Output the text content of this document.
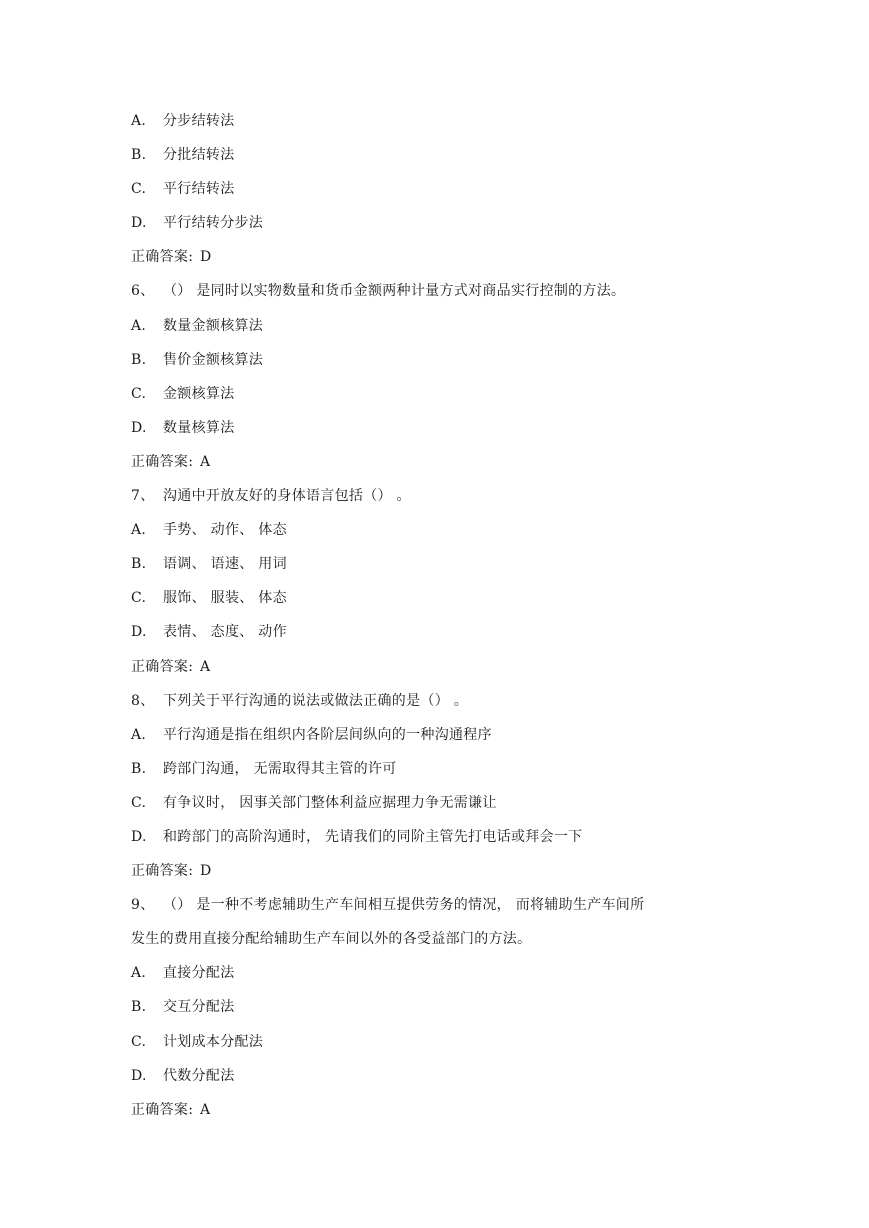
A. 分步结转法
B. 分批结转法
C. 平行结转法
D. 平行结转分步法
正确答案: D
6、 （） 是同时以实物数量和货币金额两种计量方式对商品实行控制的方法。
A. 数量金额核算法
B. 售价金额核算法
C. 金额核算法
D. 数量核算法
正确答案: A
7、 沟通中开放友好的身体语言包括（） 。
A. 手势、 动作、 体态
B. 语调、 语速、 用词
C. 服饰、 服装、 体态
D. 表情、 态度、 动作
正确答案: A
8、 下列关于平行沟通的说法或做法正确的是（） 。
A. 平行沟通是指在组织内各阶层间纵向的一种沟通程序
B. 跨部门沟通， 无需取得其主管的许可
C. 有争议时， 因事关部门整体利益应据理力争无需谦让
D. 和跨部门的高阶沟通时， 先请我们的同阶主管先打电话或拜会一下
正确答案: D
9、 （） 是一种不考虑辅助生产车间相互提供劳务的情况， 而将辅助生产车间所
发生的费用直接分配给辅助生产车间以外的各受益部门的方法。
A. 直接分配法
B. 交互分配法
C. 计划成本分配法
D. 代数分配法
正确答案: A
